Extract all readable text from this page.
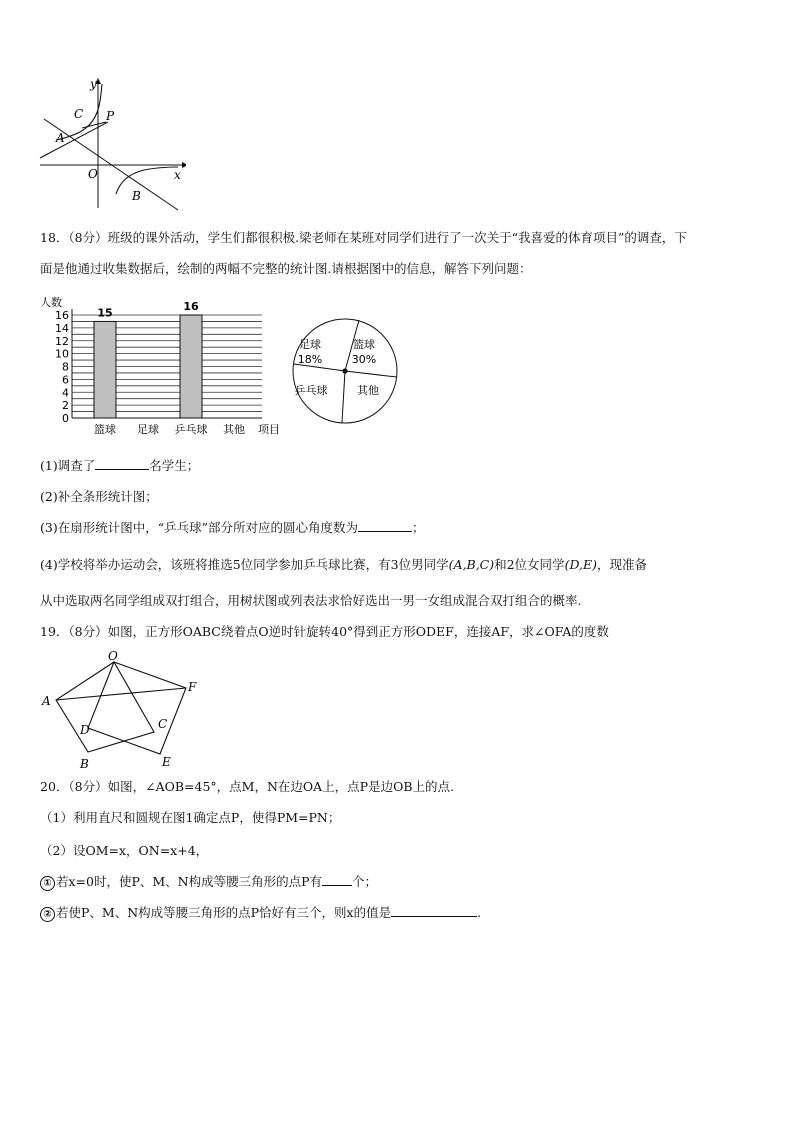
y
x
O
A
B
C P
18．（8分）班级的课外活动，学生们都很积极.梁老师在某班对同学们进行了一次关于“我喜爱的体育项目”的调查，下
面是他通过收集数据后，绘制的两幅不完整的统计图.请根据图中的信息，解答下列问题：
0
2
4
6
8
10
12
14
16
人数
15
篮球 足球
16
乒乓球 其他 项目
足球
18%
篮球
30%
乒乓球	其他
(1)调查了	名学生；
(2)补全条形统计图；
(3)在扇形统计图中，“乒乓球”部分所对应的圆心角度数为	；
(4)学校将举办运动会，该班将推选5位同学参加乒乓球比赛，有3位男同学(A,B,C)和2位女同学(D,E)，现准备
从中选取两名同学组成双打组合，用树状图或列表法求恰好选出一男一女组成混合双打组合的概率.
19．（8分）如图，正方形OABC绕着点O逆时针旋转40°得到正方形ODEF，连接AF，求∠OFA的度数
O
A
B
C
D
E
F
20．（8分）如图，∠AOB=45°，点M，N在边OA上，点P是边OB上的点.
（1）利用直尺和圆规在图1确定点P，使得PM=PN；
（2）设OM=x，ON=x+4，
① 若x=0时，使P、M、N构成等腰三角形的点P有 个；
② 若使P、M、N构成等腰三角形的点P恰好有三个，则x的值是	.
